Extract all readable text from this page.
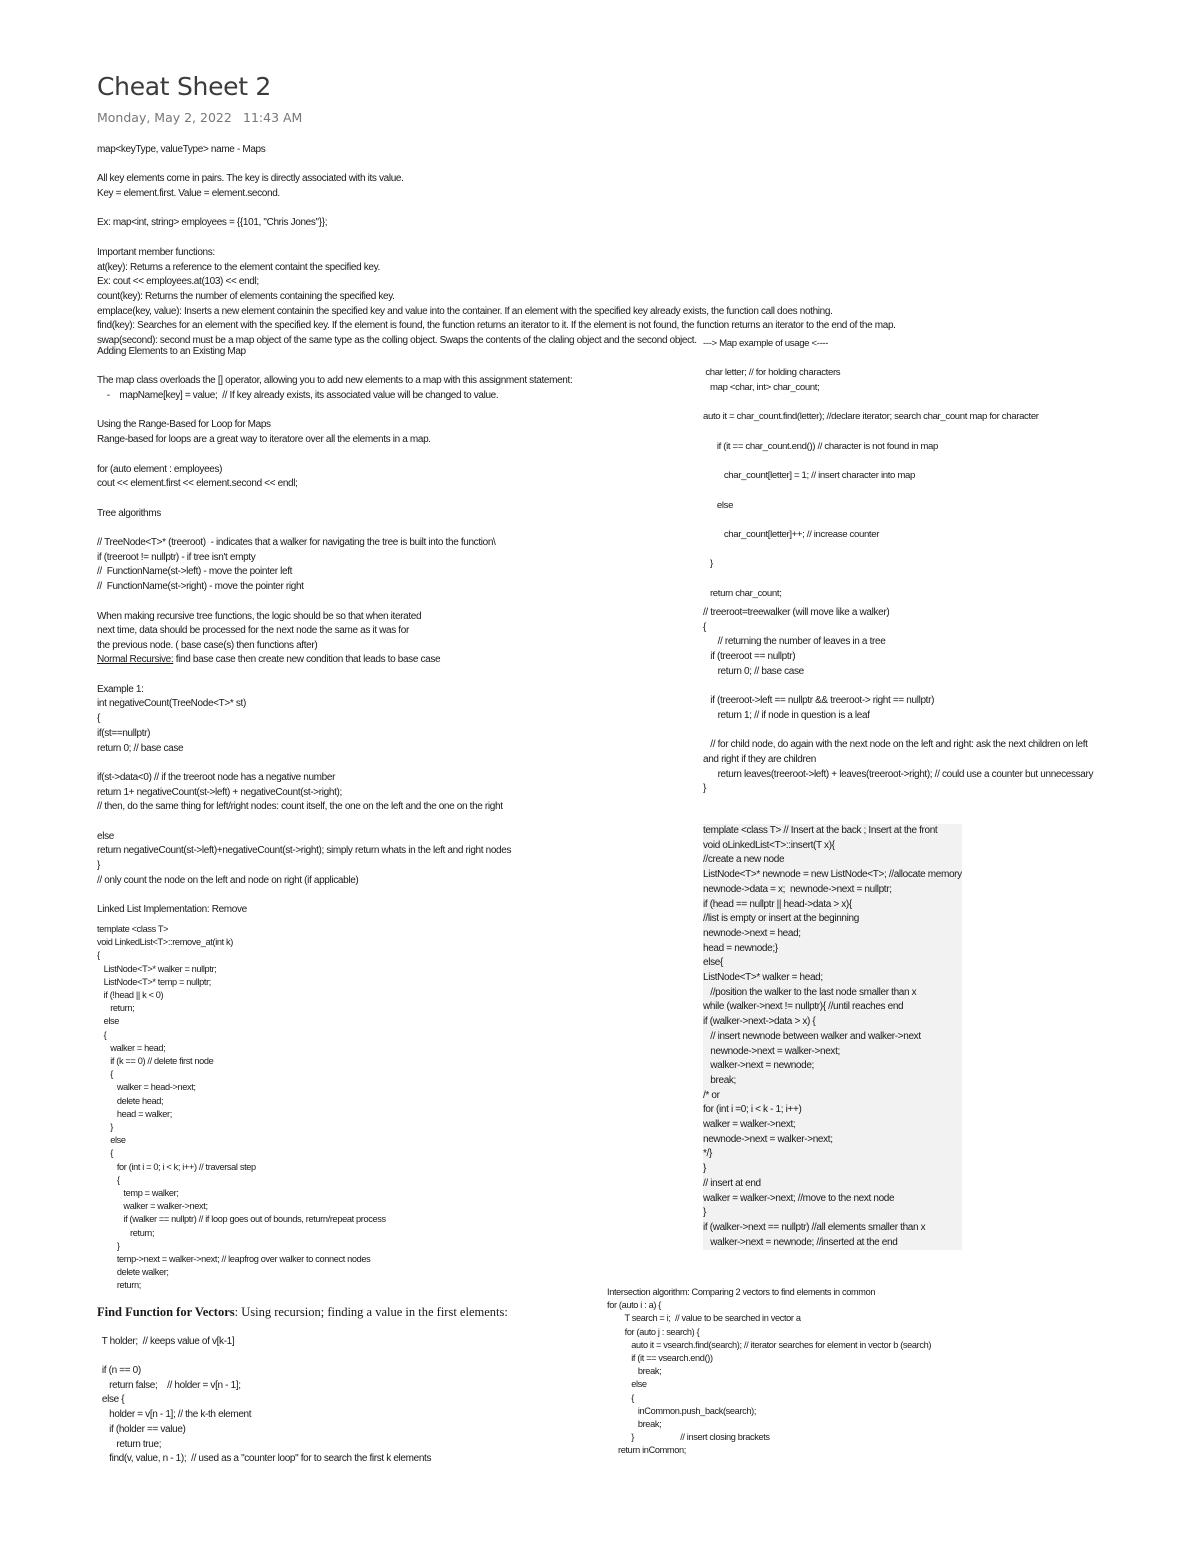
Cheat Sheet 2
Monday, May 2, 2022 11:43 AM
map<keyType, valueType> name - Maps
All key elements come in pairs. The key is directly associated with its value.
Key = element.first. Value = element.second.
Ex: map<int, string> employees = {{101, "Chris Jones"}};
Important member functions:
at(key): Returns a reference to the element containt the specified key.
Ex: cout << employees.at(103) << endl;
count(key): Returns the number of elements containing the specified key.
emplace(key, value): Inserts a new element containin the specified key and value into the container. If an element with the specified key already exists, the function call does nothing.
find(key): Searches for an element with the specified key. If the element is found, the function returns an iterator to it. If the element is not found, the function returns an iterator to the end of the map.
swap(second): second must be a map object of the same type as the colling object. Swaps the contents of the claling object and the second object.
Adding Elements to an Existing Map
The map class overloads the [] operator, allowing you to add new elements to a map with this assignment statement:
-    mapName[key] = value;  // If key already exists, its associated value will be changed to value.
Using the Range-Based for Loop for Maps
Range-based for loops are a great way to iteratore over all the elements in a map.
for (auto element : employees)
cout << element.first << element.second << endl;
Tree algorithms
// TreeNode<T>* (treeroot)  - indicates that a walker for navigating the tree is built into the function\
if (treeroot != nullptr) - if tree isn't empty
//  FunctionName(st->left) - move the pointer left
//  FunctionName(st->right) - move the pointer right
When making recursive tree functions, the logic should be so that when iterated
next time, data should be processed for the next node the same as it was for
the previous node. ( base case(s) then functions after)
Normal Recursive: find base case then create new condition that leads to base case
Example 1:
int negativeCount(TreeNode<T>* st)
{
if(st==nullptr)
return 0; // base case
if(st->data<0) // if the treeroot node has a negative number
return 1+ negativeCount(st->left) + negativeCount(st->right);
// then, do the same thing for left/right nodes: count itself, the one on the left and the one on the right
else
return negativeCount(st->left)+negativeCount(st->right); simply return whats in the left and right nodes
}
// only count the node on the left and node on right (if applicable)
Linked List Implementation: Remove
template <class T>
void LinkedList<T>::remove_at(int k)
{
ListNode<T>* walker = nullptr;
ListNode<T>* temp = nullptr;
if (!head || k < 0)
return;
else
{
walker = head;
if (k == 0) // delete first node
{
walker = head->next;
delete head;
head = walker;
}
else
{
for (int i = 0; i < k; i++) // traversal step
{
temp = walker;
walker = walker->next;
if (walker == nullptr) // if loop goes out of bounds, return/repeat process
return;
}
temp->next = walker->next; // leapfrog over walker to connect nodes
delete walker;
return;
Find Function for Vectors: Using recursion; finding a value in the first elements:
T holder;  // keeps value of v[k-1]
if (n == 0)
return false;    // holder = v[n - 1];
else {
holder = v[n - 1]; // the k-th element
if (holder == value)
return true;
find(v, value, n - 1);  // used as a "counter loop" for to search the first k elements
---> Map example of usage <----
char letter; // for holding characters
map <char, int> char_count;
auto it = char_count.find(letter); //declare iterator; search char_count map for character
if (it == char_count.end()) // character is not found in map
char_count[letter] = 1; // insert character into map
else
char_count[letter]++; // increase counter
}
return char_count;
// treeroot=treewalker (will move like a walker)
{
// returning the number of leaves in a tree
if (treeroot == nullptr)
return 0; // base case
if (treeroot->left == nullptr && treeroot-> right == nullptr)
return 1; // if node in question is a leaf
// for child node, do again with the next node on the left and right: ask the next children on left
and right if they are children
return leaves(treeroot->left) + leaves(treeroot->right); // could use a counter but unnecessary
}
template <class T> // Insert at the back ; Insert at the front
void oLinkedList<T>::insert(T x){
//create a new node
ListNode<T>* newnode = new ListNode<T>; //allocate memory
newnode->data = x;  newnode->next = nullptr;
if (head == nullptr || head->data > x){
//list is empty or insert at the beginning
newnode->next = head;
head = newnode;}
else{
ListNode<T>* walker = head;
//position the walker to the last node smaller than x
while (walker->next != nullptr){ //until reaches end
if (walker->next->data > x) {
// insert newnode between walker and walker->next
newnode->next = walker->next;
walker->next = newnode;
break;
/* or
for (int i =0; i < k - 1; i++)
walker = walker->next;
newnode->next = walker->next;
*/}
}
// insert at end
walker = walker->next; //move to the next node
}
if (walker->next == nullptr) //all elements smaller than x
walker->next = newnode; //inserted at the end
Intersection algorithm: Comparing 2 vectors to find elements in common
for (auto i : a) {
T search = i;  // value to be searched in vector a
for (auto j : search) {
auto it = vsearch.find(search); // iterator searches for element in vector b (search)
if (it == vsearch.end())
break;
else
{
inCommon.push_back(search);
break;
}                     // insert closing brackets
return inCommon;
